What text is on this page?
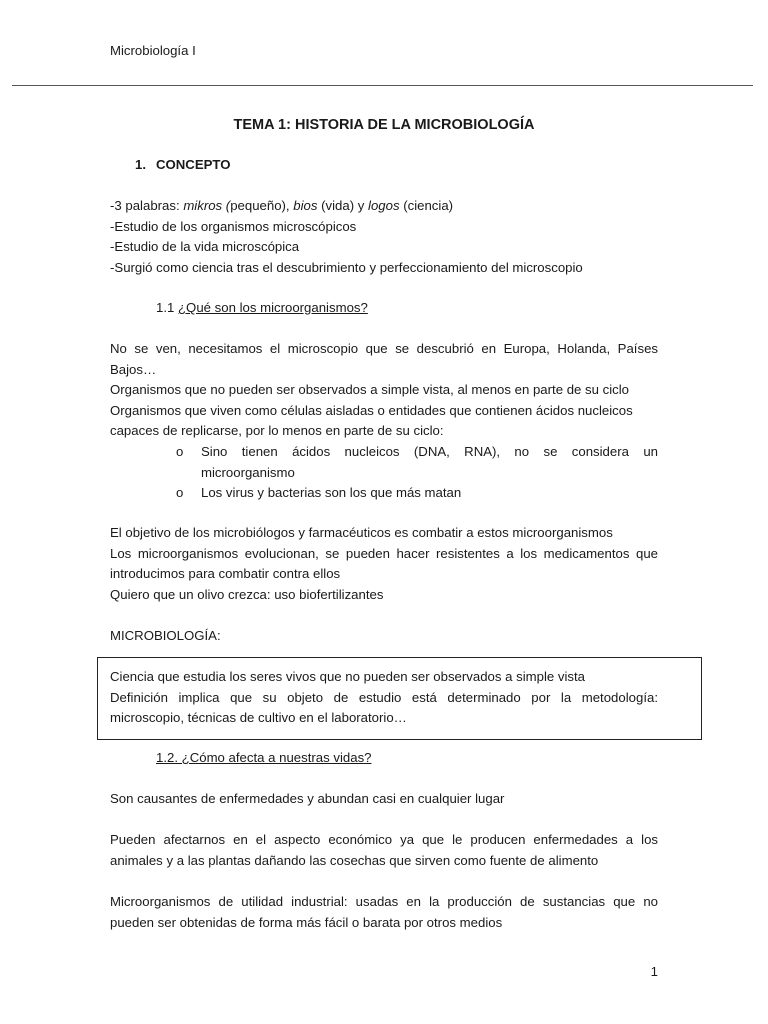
Microbiología I
TEMA 1: HISTORIA DE LA MICROBIOLOGÍA
1. CONCEPTO

-3 palabras: mikros (pequeño), bios (vida) y logos (ciencia)

-Estudio de los organismos microscópicos

-Estudio de la vida microscópica

-Surgió como ciencia tras el descubrimiento y perfeccionamiento del microscopio

1.1 ¿Qué son los microorganismos?

No se ven, necesitamos el microscopio que se descubrió en Europa, Holanda, Países

Bajos…

Organismos que no pueden ser observados a simple vista, al menos en parte de su ciclo

Organismos que viven como células aisladas o entidades que contienen ácidos nucleicos

capaces de replicarse, por lo menos en parte de su ciclo:

o	Sino tienen ácidos nucleicos (DNA, RNA), no se considera un

microorganismo

o	Los virus y bacterias son los que más matan

El objetivo de los microbiólogos y farmacéuticos es combatir a estos microorganismos

Los microorganismos evolucionan, se pueden hacer resistentes a los medicamentos que

introducimos para combatir contra ellos

Quiero que un olivo crezca: uso biofertilizantes

MICROBIOLOGÍA:

Ciencia que estudia los seres vivos que no pueden ser observados a simple vista

Definición implica que su objeto de estudio está determinado por la metodología:

microscopio, técnicas de cultivo en el laboratorio…

1.2. ¿Cómo afecta a nuestras vidas?

Son causantes de enfermedades y abundan casi en cualquier lugar

Pueden afectarnos en el aspecto económico ya que le producen enfermedades a los

animales y a las plantas dañando las cosechas que sirven como fuente de alimento

Microorganismos de utilidad industrial: usadas en la producción de sustancias que no

pueden ser obtenidas de forma más fácil o barata por otros medios

1
